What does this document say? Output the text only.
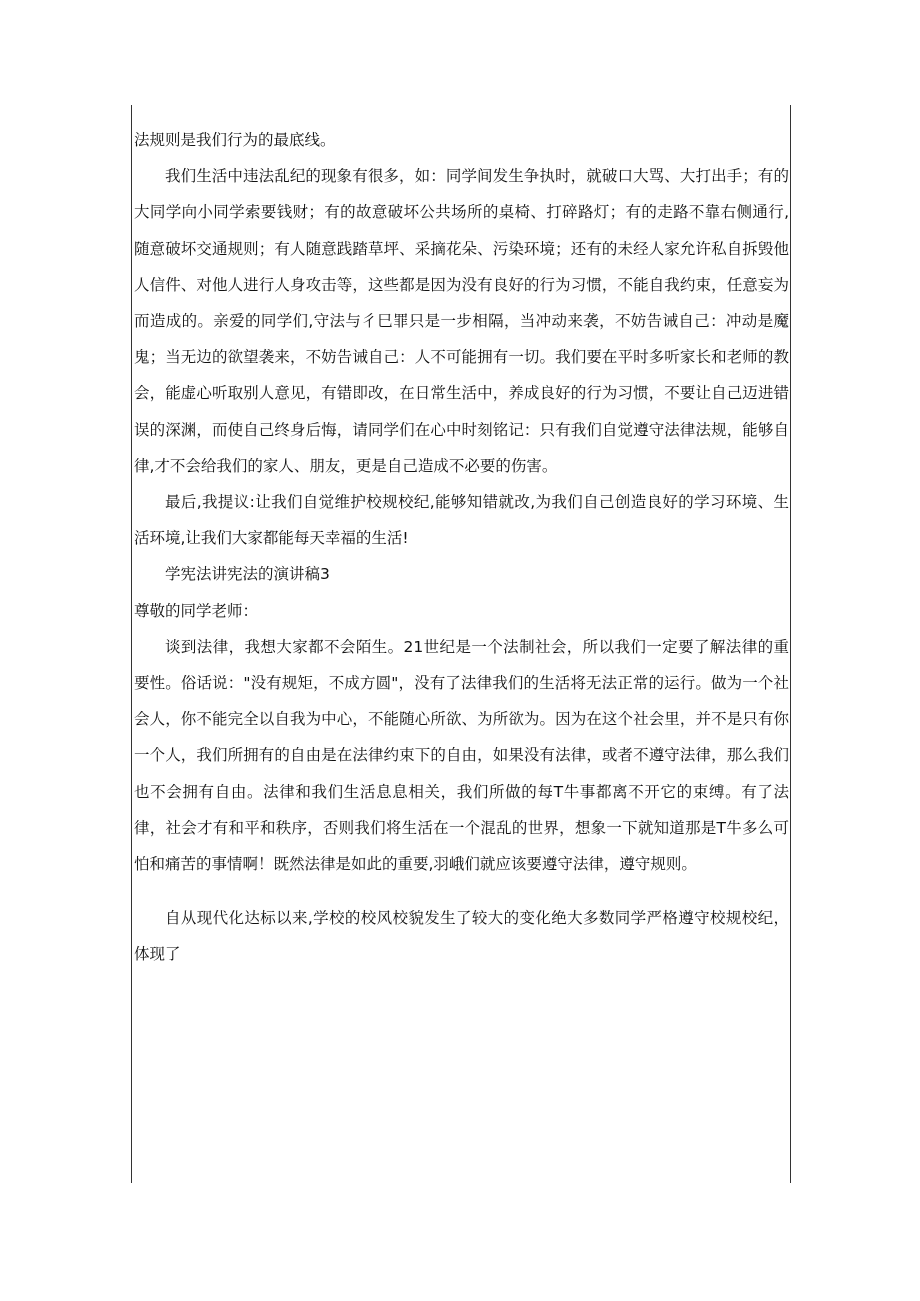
法规则是我们行为的最底线。

我们生活中违法乱纪的现象有很多，如：同学间发生争执时，就破口大骂、大打出手；有的大同学向小同学索要钱财；有的故意破坏公共场所的桌椅、打碎路灯；有的走路不靠右侧通行,随意破坏交通规则；有人随意践踏草坪、采摘花朵、污染环境；还有的未经人家允许私自拆毁他人信件、对他人进行人身攻击等，这些都是因为没有良好的行为习惯，不能自我约束，任意妄为而造成的。亲爱的同学们,守法与彳巳罪只是一步相隔，当冲动来袭，不妨告诫自己：冲动是魔鬼；当无边的欲望袭来，不妨告诫自己：人不可能拥有一切。我们要在平时多听家长和老师的教会，能虚心听取别人意见，有错即改，在日常生活中，养成良好的行为习惯，不要让自己迈进错误的深渊，而使自己终身后悔，请同学们在心中时刻铭记：只有我们自觉遵守法律法规，能够自律,才不会给我们的家人、朋友，更是自己造成不必要的伤害。

最后,我提议:让我们自觉维护校规校纪,能够知错就改,为我们自己创造良好的学习环境、生活环境,让我们大家都能每天幸福的生活!

学宪法讲宪法的演讲稿3

尊敬的同学老师：

谈到法律，我想大家都不会陌生。21世纪是一个法制社会，所以我们一定要了解法律的重要性。俗话说："没有规矩，不成方圆"，没有了法律我们的生活将无法正常的运行。做为一个社会人，你不能完全以自我为中心，不能随心所欲、为所欲为。因为在这个社会里，并不是只有你一个人，我们所拥有的自由是在法律约束下的自由，如果没有法律，或者不遵守法律，那么我们也不会拥有自由。法律和我们生活息息相关，我们所做的每T牛事都离不开它的束缚。有了法律，社会才有和平和秩序，否则我们将生活在一个混乱的世界，想象一下就知道那是T牛多么可怕和痛苦的事情啊！既然法律是如此的重要,羽峨们就应该要遵守法律，遵守规则。

自从现代化达标以来,学校的校风校貌发生了较大的变化绝大多数同学严格遵守校规校纪，体现了
